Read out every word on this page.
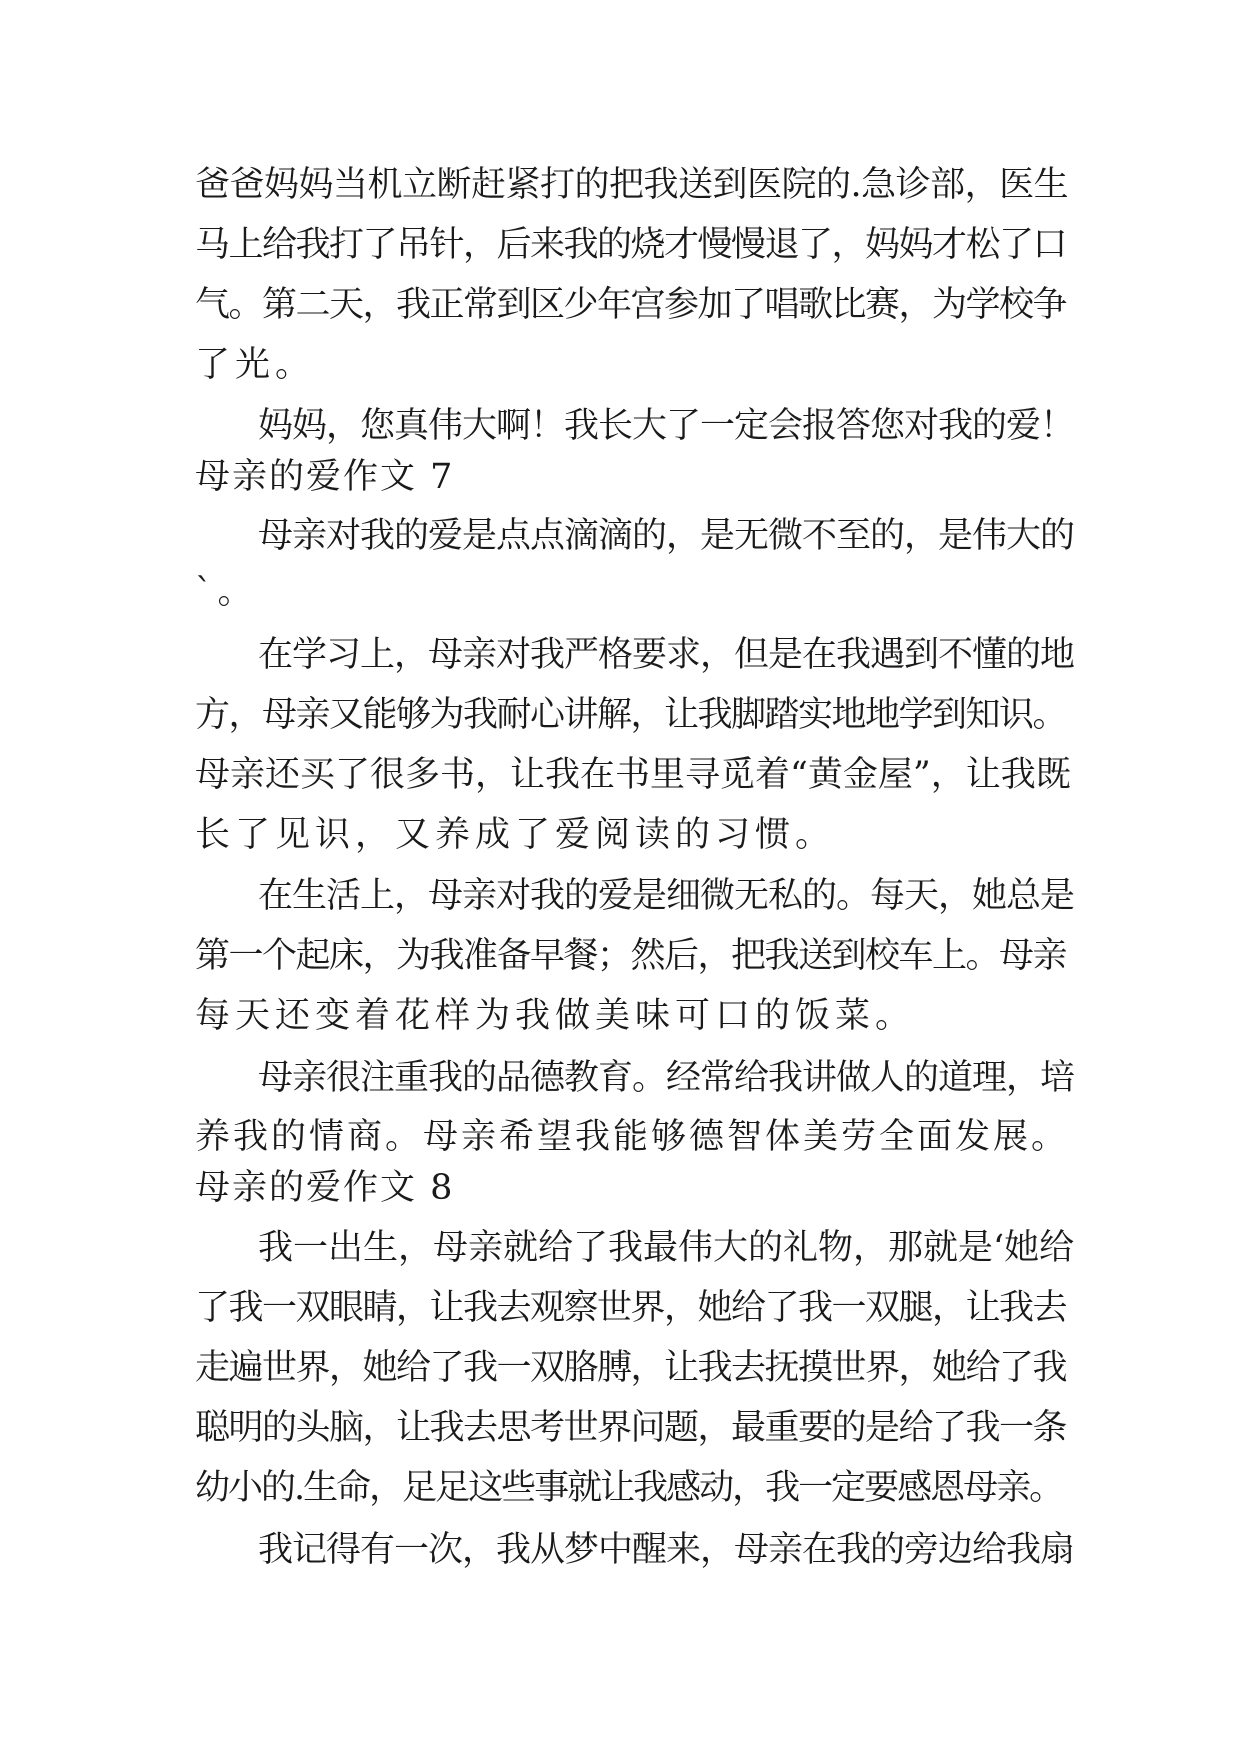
爸爸妈妈当机立断赶紧打的把我送到医院的.急诊部，医生
马上给我打了吊针，后来我的烧才慢慢退了，妈妈才松了口
气。第二天，我正常到区少年宫参加了唱歌比赛，为学校争
了光。
妈妈，您真伟大啊！我长大了一定会报答您对我的爱！
母亲的爱作文 7
母亲对我的爱是点点滴滴的，是无微不至的，是伟大的
`。
在学习上，母亲对我严格要求，但是在我遇到不懂的地
方，母亲又能够为我耐心讲解，让我脚踏实地地学到知识。
母亲还买了很多书，让我在书里寻觅着“黄金屋”，让我既
长了见识，又养成了爱阅读的习惯。
在生活上，母亲对我的爱是细微无私的。每天，她总是
第一个起床，为我准备早餐；然后，把我送到校车上。母亲
每天还变着花样为我做美味可口的饭菜。
母亲很注重我的品德教育。经常给我讲做人的道理，培
养我的情商。母亲希望我能够德智体美劳全面发展。
母亲的爱作文 8
我一出生，母亲就给了我最伟大的礼物，那就是‘她给
了我一双眼睛，让我去观察世界，她给了我一双腿，让我去
走遍世界，她给了我一双胳膊，让我去抚摸世界，她给了我
聪明的头脑，让我去思考世界问题，最重要的是给了我一条
幼小的.生命，足足这些事就让我感动，我一定要感恩母亲。
我记得有一次，我从梦中醒来，母亲在我的旁边给我扇
